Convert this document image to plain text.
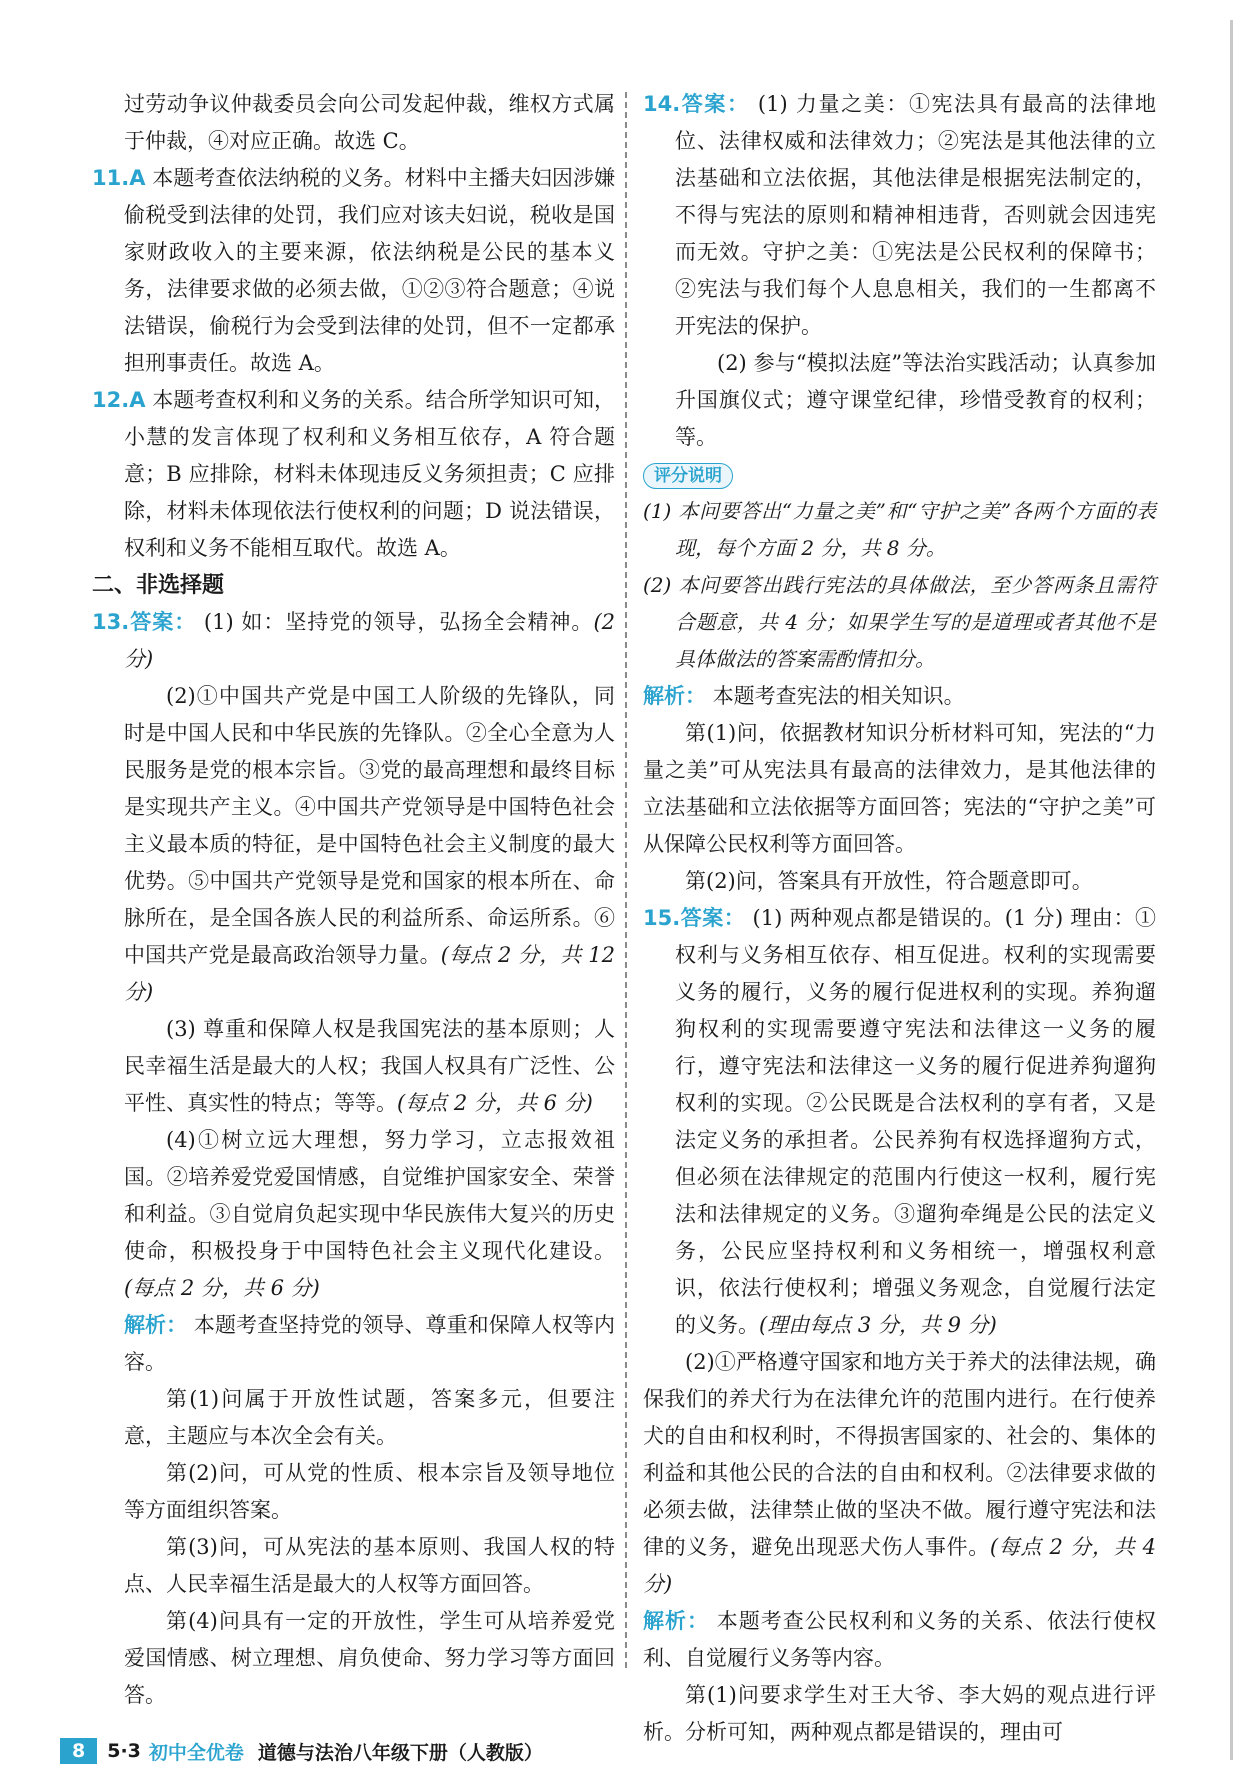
过劳动争议仲裁委员会向公司发起仲裁，维权方式属于仲裁，④对应正确。故选 C。

11.A 本题考查依法纳税的义务。材料中主播夫妇因涉嫌偷税受到法律的处罚，我们应对该夫妇说，税收是国家财政收入的主要来源，依法纳税是公民的基本义务，法律要求做的必须去做，①②③符合题意；④说法错误，偷税行为会受到法律的处罚，但不一定都承担刑事责任。故选 A。

12.A 本题考查权利和义务的关系。结合所学知识可知，小慧的发言体现了权利和义务相互依存，A 符合题意；B 应排除，材料未体现违反义务须担责；C 应排除，材料未体现依法行使权利的问题；D 说法错误，权利和义务不能相互取代。故选 A。

二、非选择题

13.答案： (1) 如：坚持党的领导，弘扬全会精神。(2 分)

(2)①中国共产党是中国工人阶级的先锋队，同时是中国人民和中华民族的先锋队。②全心全意为人民服务是党的根本宗旨。③党的最高理想和最终目标是实现共产主义。④中国共产党领导是中国特色社会主义最本质的特征，是中国特色社会主义制度的最大优势。⑤中国共产党领导是党和国家的根本所在、命脉所在，是全国各族人民的利益所系、命运所系。⑥中国共产党是最高政治领导力量。(每点 2 分，共 12 分)

(3) 尊重和保障人权是我国宪法的基本原则；人民幸福生活是最大的人权；我国人权具有广泛性、公平性、真实性的特点；等等。(每点 2 分，共 6 分)

(4)①树立远大理想，努力学习，立志报效祖国。②培养爱党爱国情感，自觉维护国家安全、荣誉和利益。③自觉肩负起实现中华民族伟大复兴的历史使命，积极投身于中国特色社会主义现代化建设。(每点 2 分，共 6 分)

解析： 本题考查坚持党的领导、尊重和保障人权等内容。

第(1)问属于开放性试题，答案多元，但要注意，主题应与本次全会有关。

第(2)问，可从党的性质、根本宗旨及领导地位等方面组织答案。

第(3)问，可从宪法的基本原则、我国人权的特点、人民幸福生活是最大的人权等方面回答。

第(4)问具有一定的开放性，学生可从培养爱党爱国情感、树立理想、肩负使命、努力学习等方面回答。

14.答案： (1) 力量之美：①宪法具有最高的法律地位、法律权威和法律效力；②宪法是其他法律的立法基础和立法依据，其他法律是根据宪法制定的，不得与宪法的原则和精神相违背，否则就会因违宪而无效。守护之美：①宪法是公民权利的保障书；②宪法与我们每个人息息相关，我们的一生都离不开宪法的保护。

(2) 参与“模拟法庭”等法治实践活动；认真参加升国旗仪式；遵守课堂纪律，珍惜受教育的权利；等。

评分说明

(1) 本问要答出“力量之美”和“守护之美”各两个方面的表现，每个方面 2 分，共 8 分。

(2) 本问要答出践行宪法的具体做法，至少答两条且需符合题意，共 4 分；如果学生写的是道理或者其他不是具体做法的答案需酌情扣分。

解析： 本题考查宪法的相关知识。

第(1)问，依据教材知识分析材料可知，宪法的“力量之美”可从宪法具有最高的法律效力，是其他法律的立法基础和立法依据等方面回答；宪法的“守护之美”可从保障公民权利等方面回答。

第(2)问，答案具有开放性，符合题意即可。

15.答案： (1) 两种观点都是错误的。(1 分) 理由：①权利与义务相互依存、相互促进。权利的实现需要义务的履行，义务的履行促进权利的实现。养狗遛狗权利的实现需要遵守宪法和法律这一义务的履行，遵守宪法和法律这一义务的履行促进养狗遛狗权利的实现。②公民既是合法权利的享有者，又是法定义务的承担者。公民养狗有权选择遛狗方式，但必须在法律规定的范围内行使这一权利，履行宪法和法律规定的义务。③遛狗牵绳是公民的法定义务，公民应坚持权利和义务相统一，增强权利意识，依法行使权利；增强义务观念，自觉履行法定的义务。(理由每点 3 分，共 9 分)

(2)①严格遵守国家和地方关于养犬的法律法规，确保我们的养犬行为在法律允许的范围内进行。在行使养犬的自由和权利时，不得损害国家的、社会的、集体的利益和其他公民的合法的自由和权利。②法律要求做的必须去做，法律禁止做的坚决不做。履行遵守宪法和法律的义务，避免出现恶犬伤人事件。(每点 2 分，共 4 分)

解析： 本题考查公民权利和义务的关系、依法行使权利、自觉履行义务等内容。

第(1)问要求学生对王大爷、李大妈的观点进行评析。分析可知，两种观点都是错误的，理由可

8	5·3 初中全优卷 道德与法治八年级下册（人教版）
